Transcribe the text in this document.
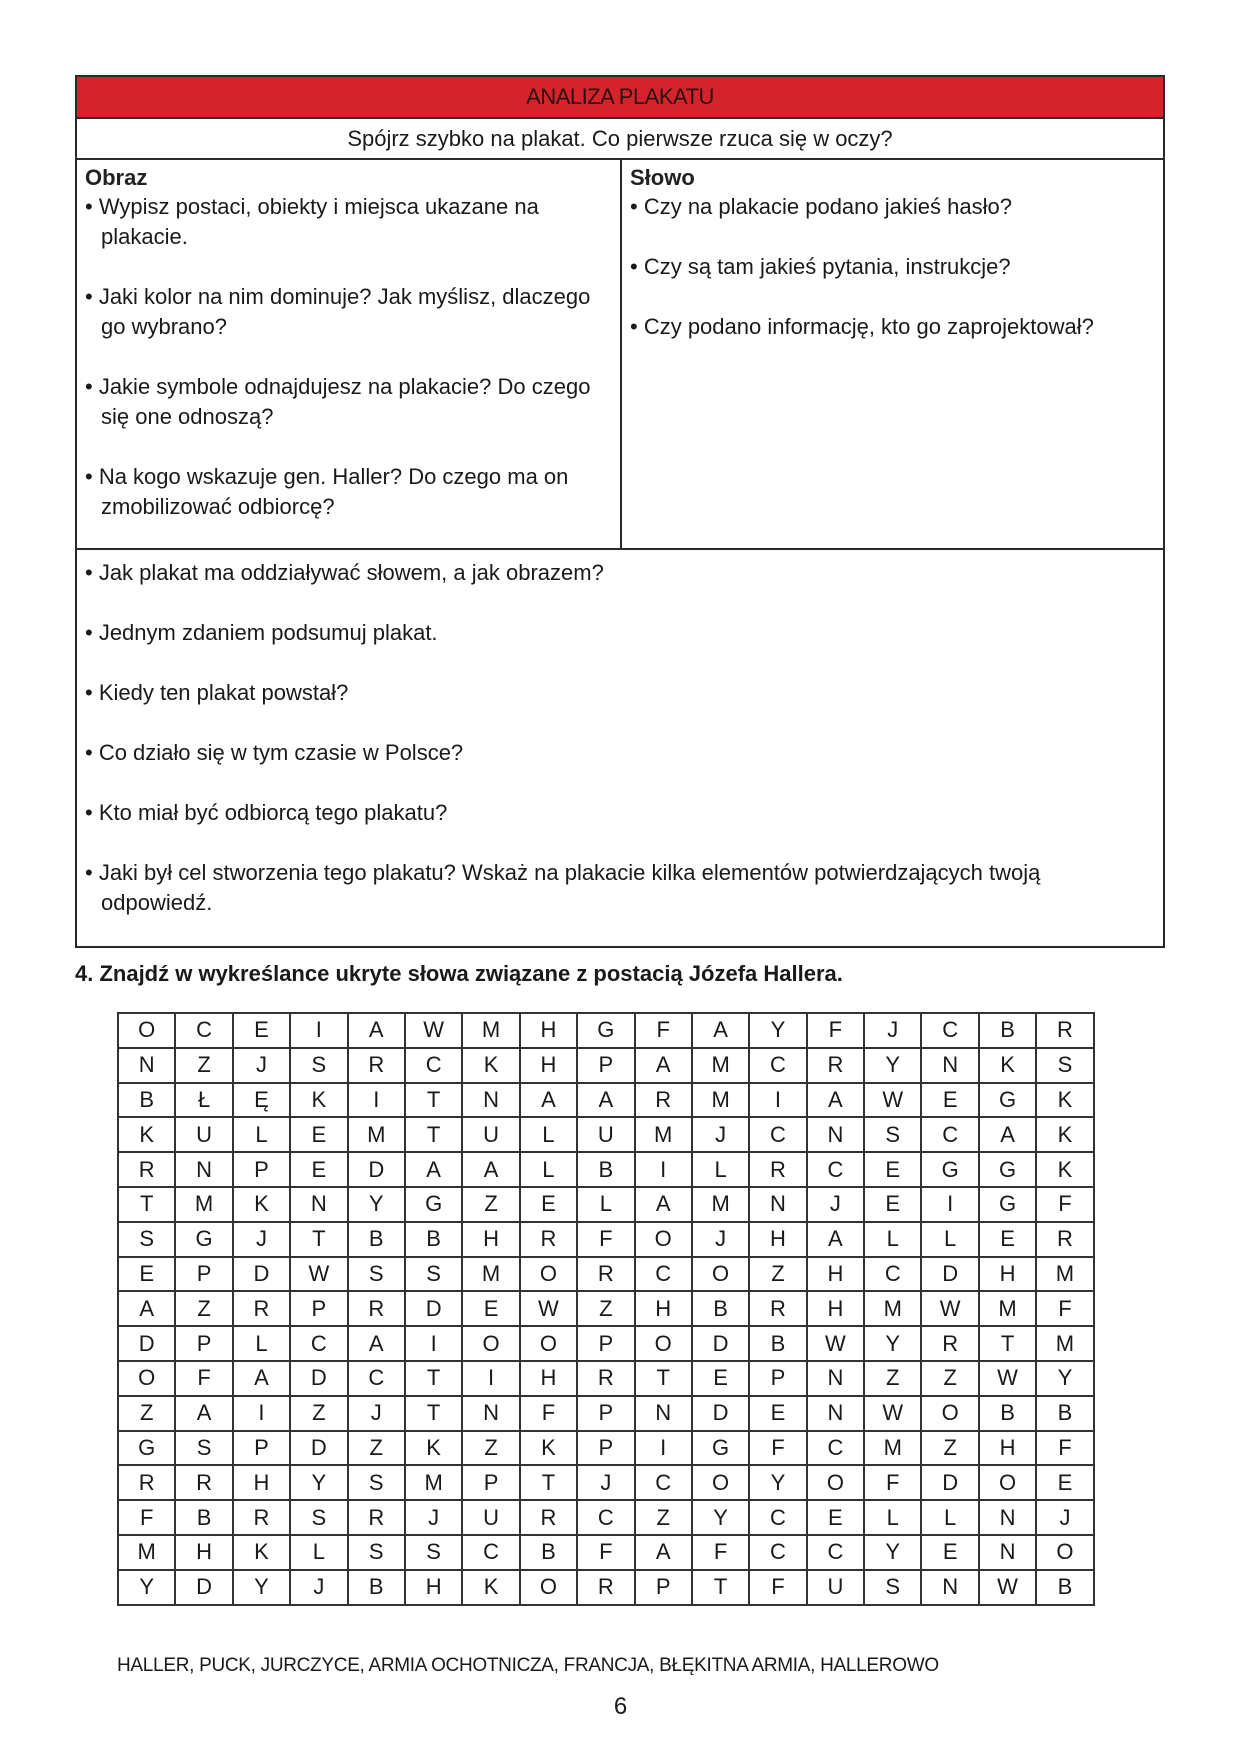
ANALIZA PLAKATU
Spójrz szybko na plakat. Co pierwsze rzuca się w oczy?
Obraz
• Wypisz postaci, obiekty i miejsca ukazane na plakacie.
• Jaki kolor na nim dominuje? Jak myślisz, dlaczego go wybrano?
• Jakie symbole odnajdujesz na plakacie? Do czego się one odnoszą?
• Na kogo wskazuje gen. Haller? Do czego ma on zmobilizować odbiorcę?
Słowo
• Czy na plakacie podano jakieś hasło?
• Czy są tam jakieś pytania, instrukcje?
• Czy podano informację, kto go zaprojektował?
• Jak plakat ma oddziaływać słowem, a jak obrazem?
• Jednym zdaniem podsumuj plakat.
• Kiedy ten plakat powstał?
• Co działo się w tym czasie w Polsce?
• Kto miał być odbiorcą tego plakatu?
• Jaki był cel stworzenia tego plakatu? Wskaż na plakacie kilka elementów potwierdzających twoją odpowiedź.
4. Znajdź w wykreślance ukryte słowa związane z postacią Józefa Hallera.
O	C	E	I	A	W	M	H	G	F	A	Y	F	J	C	B	R
N	Z	J	S	R	C	K	H	P	A	M	C	R	Y	N	K	S
B	Ł	Ę	K	I	T	N	A	A	R	M	I	A	W	E	G	K
K	U	L	E	M	T	U	L	U	M	J	C	N	S	C	A	K
R	N	P	E	D	A	A	L	B	I	L	R	C	E	G	G	K
T	M	K	N	Y	G	Z	E	L	A	M	N	J	E	I	G	F
S	G	J	T	B	B	H	R	F	O	J	H	A	L	L	E	R
E	P	D	W	S	S	M	O	R	C	O	Z	H	C	D	H	M
A	Z	R	P	R	D	E	W	Z	H	B	R	H	M	W	M	F
D	P	L	C	A	I	O	O	P	O	D	B	W	Y	R	T	M
O	F	A	D	C	T	I	H	R	T	E	P	N	Z	Z	W	Y
Z	A	I	Z	J	T	N	F	P	N	D	E	N	W	O	B	B
G	S	P	D	Z	K	Z	K	P	I	G	F	C	M	Z	H	F
R	R	H	Y	S	M	P	T	J	C	O	Y	O	F	D	O	E
F	B	R	S	R	J	U	R	C	Z	Y	C	E	L	L	N	J
M	H	K	L	S	S	C	B	F	A	F	C	C	Y	E	N	O
Y	D	Y	J	B	H	K	O	R	P	T	F	U	S	N	W	B
HALLER, PUCK, JURCZYCE, ARMIA OCHOTNICZA, FRANCJA, BŁĘKITNA ARMIA, HALLEROWO
6
